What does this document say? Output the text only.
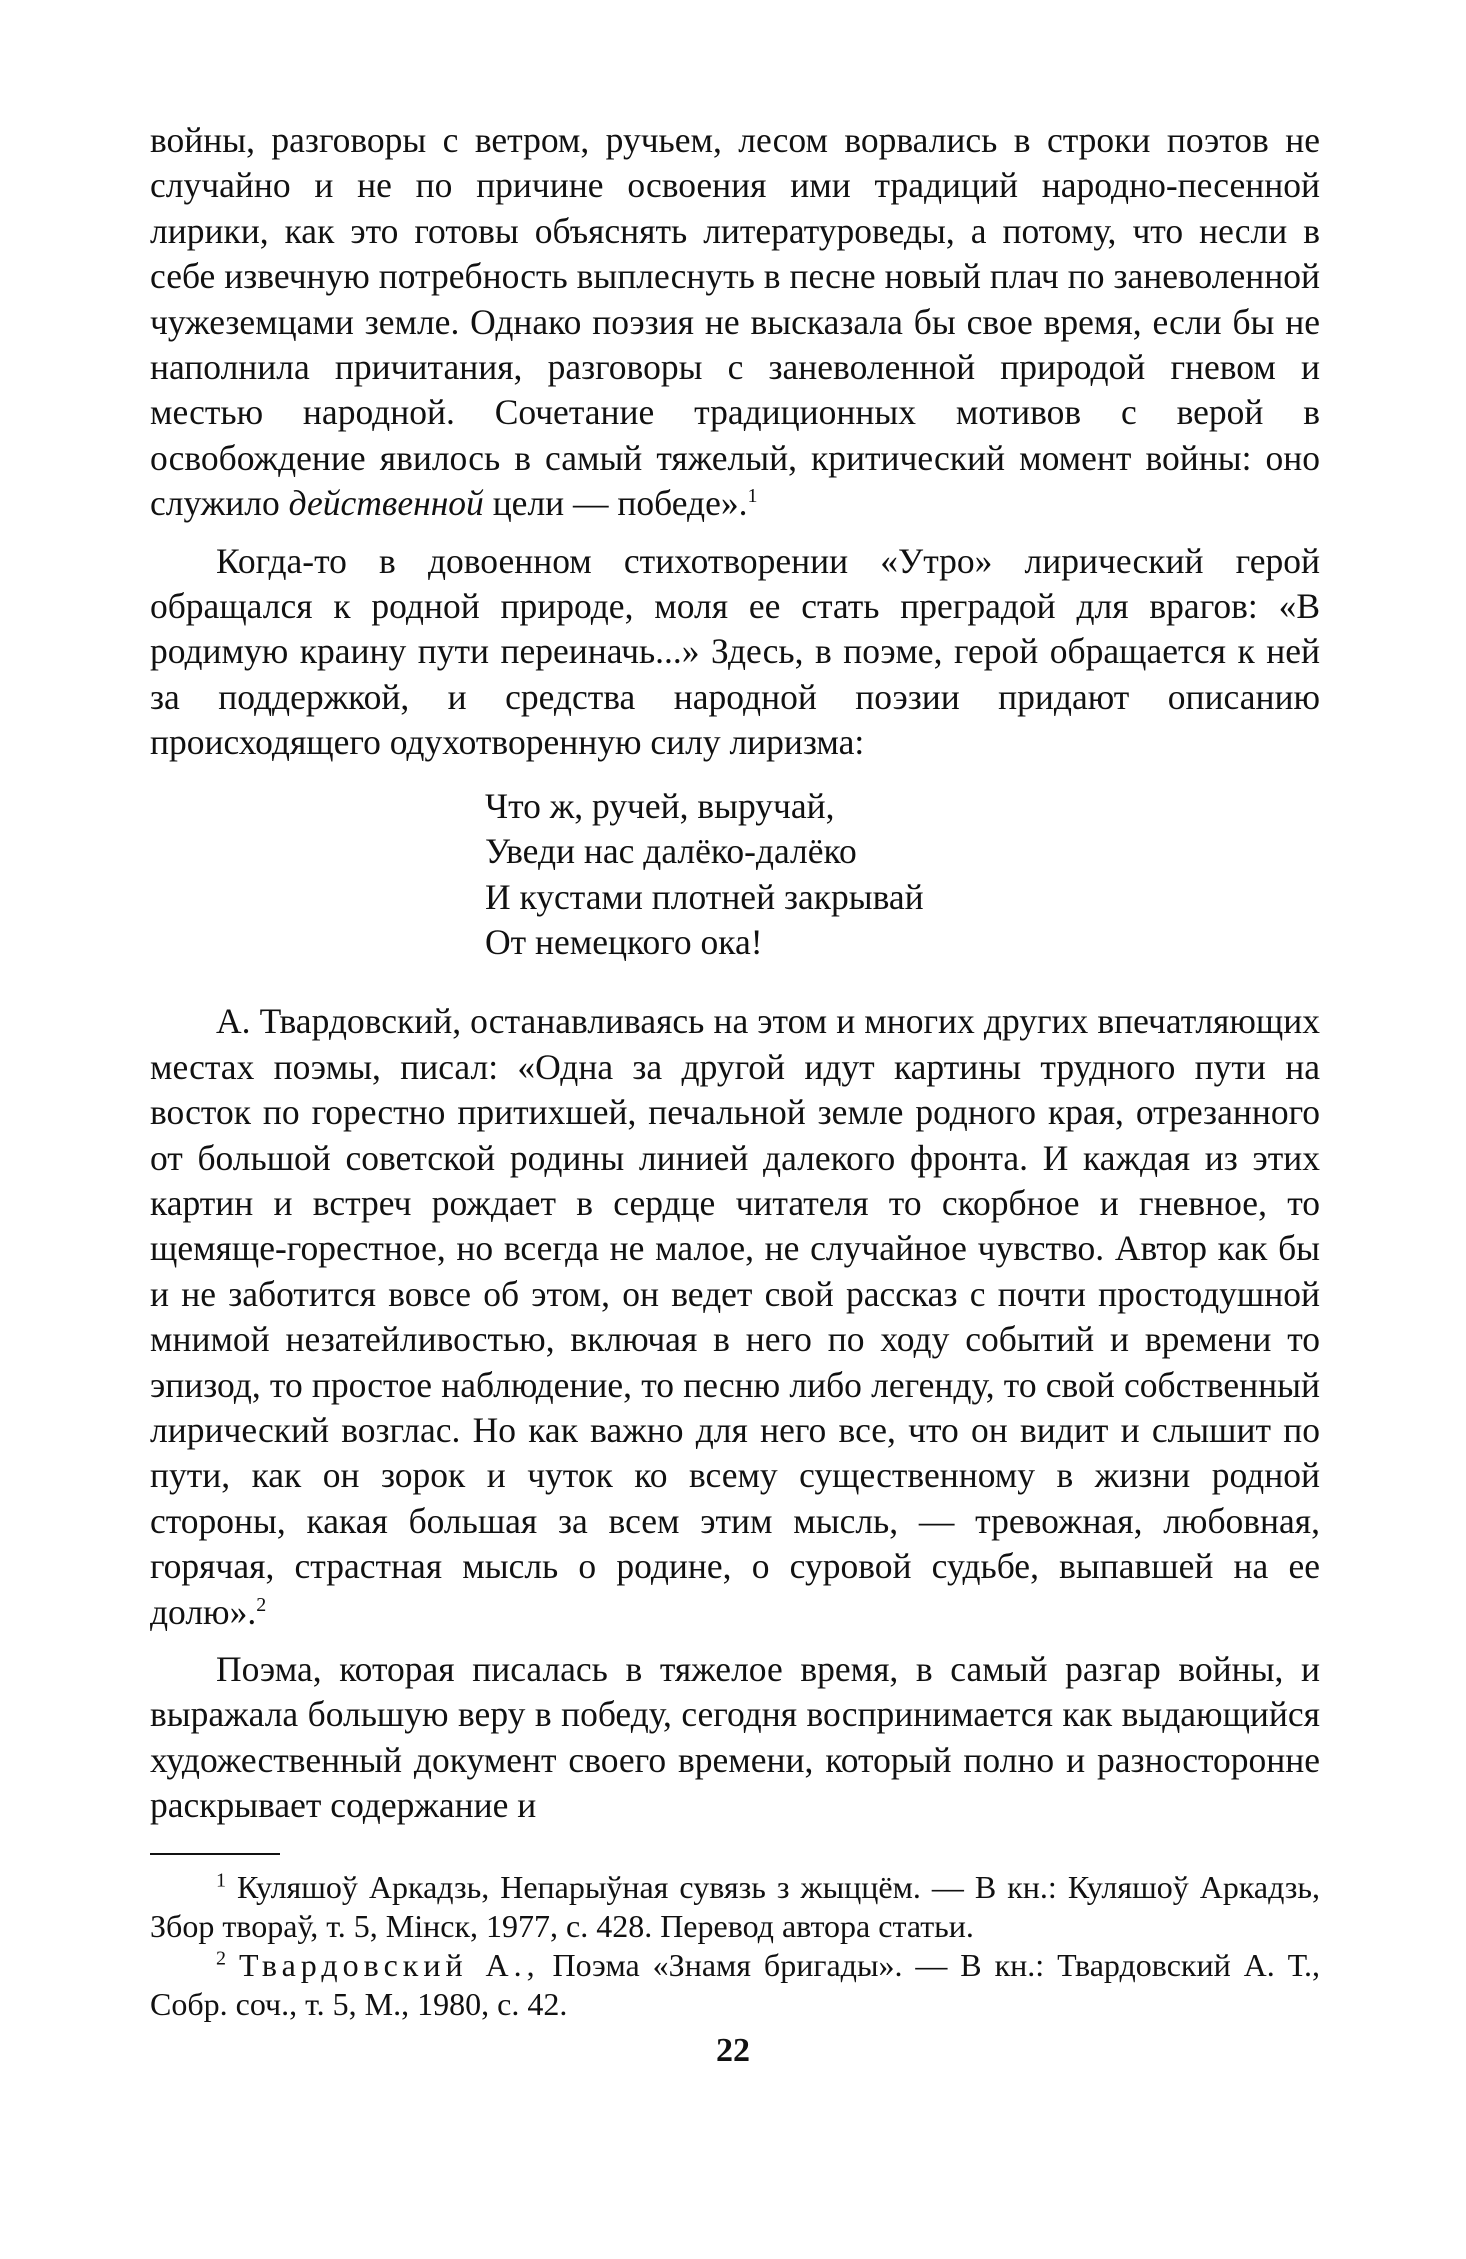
войны, разговоры с ветром, ручьем, лесом ворвались в строки поэтов не случайно и не по причине освоения ими традиций народно-песенной лирики, как это готовы объяснять литературоведы, а потому, что несли в себе извечную потребность выплеснуть в песне новый плач по заневоленной чужеземцами земле. Однако поэзия не высказала бы свое время, если бы не наполнила причитания, разговоры с заневоленной природой гневом и местью народной. Сочетание традиционных мотивов с верой в освобождение явилось в самый тяжелый, критический момент войны: оно служило действенной цели — победе».$^1$

Когда-то в довоенном стихотворении «Утро» лирический герой обращался к родной природе, моля ее стать преградой для врагов: «В родимую краину пути переиначь...» Здесь, в поэме, герой обращается к ней за поддержкой, и средства народной поэзии придают описанию происходящего одухотворенную силу лиризма:

Что ж, ручей, выручай,
Уведи нас далёко-далёко
И кустами плотней закрывай
От немецкого ока!

А. Твардовский, останавливаясь на этом и многих других впечатляющих местах поэмы, писал: «Одна за другой идут картины трудного пути на восток по горестно притихшей, печальной земле родного края, отрезанного от большой советской родины линией далекого фронта. И каждая из этих картин и встреч рождает в сердце читателя то скорбное и гневное, то щемяще-горестное, но всегда не малое, не случайное чувство. Автор как бы и не заботится вовсе об этом, он ведет свой рассказ с почти простодушной мнимой незатейливостью, включая в него по ходу событий и времени то эпизод, то простое наблюдение, то песню либо легенду, то свой собственный лирический возглас. Но как важно для него все, что он видит и слышит по пути, как он зорок и чуток ко всему существенному в жизни родной стороны, какая большая за всем этим мысль, — тревожная, любовная, горячая, страстная мысль о родине, о суровой судьбе, выпавшей на ее долю».$^2$

Поэма, которая писалась в тяжелое время, в самый разгар войны, и выражала большую веру в победу, сегодня воспринимается как выдающийся художественный документ своего времени, который полно и разносторонне раскрывает содержание и

$^1$ Куляшоў Аркадзь, Непарыўная сувязь з жыццём. — В кн.: Куляшоў Аркадзь, Збор твораў, т. 5, Мінск, 1977, с. 428. Перевод автора статьи.

$^2$ Твардовский А., Поэма «Знамя бригады». — В кн.: Твардовский А. Т., Собр. соч., т. 5, М., 1980, с. 42.

22
